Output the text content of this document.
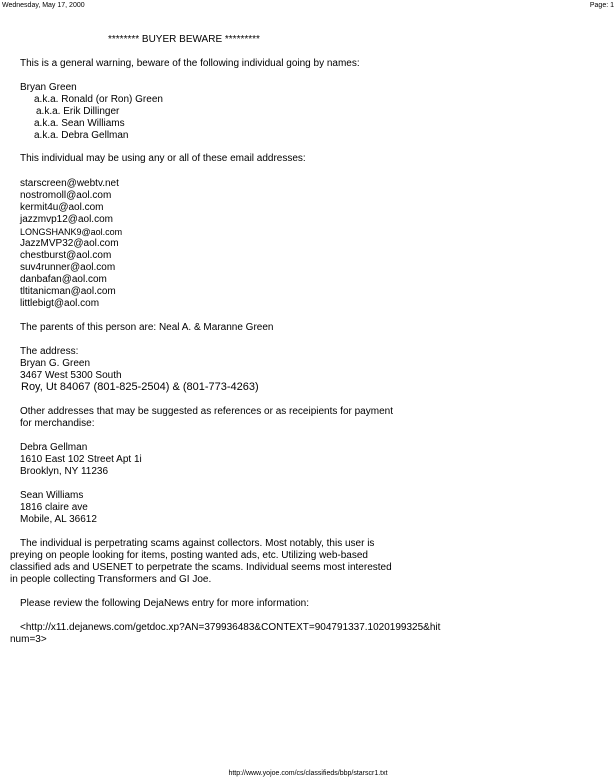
Wednesday, May 17, 2000	Page: 1
******** BUYER BEWARE *********
This is a general warning, beware of the following individual going by names:
Bryan Green
a.k.a. Ronald (or Ron) Green
a.k.a. Erik Dillinger
a.k.a. Sean Williams
a.k.a. Debra Gellman
This individual may be using any or all of these email addresses:
starscreen@webtv.net
nostromoll@aol.com
kermit4u@aol.com
jazzmvp12@aol.com
LONGSHANK9@aol.com
JazzMVP32@aol.com
chestburst@aol.com
suv4runner@aol.com
danbafan@aol.com
tltitanicman@aol.com
littlebigt@aol.com
The parents of this person are: Neal A. & Maranne Green
The address:
Bryan G. Green
3467 West 5300 South
Roy, Ut 84067 (801-825-2504) & (801-773-4263)
Other addresses that may be suggested as references or as receipients for payment
for merchandise:
Debra Gellman
1610 East 102 Street Apt 1i
Brooklyn, NY 11236
Sean Williams
1816 claire ave
Mobile, AL 36612
The individual is perpetrating scams against collectors. Most notably, this user is
preying on people looking for items, posting wanted ads, etc. Utilizing web-based
classified ads and USENET to perpetrate the scams. Individual seems most interested
in people collecting Transformers and GI Joe.
Please review the following DejaNews entry for more information:
<http://x11.dejanews.com/getdoc.xp?AN=379936483&CONTEXT=904791337.1020199325&hit
num=3>
http://www.yojoe.com/cs/classifieds/bbp/starscr1.txt
